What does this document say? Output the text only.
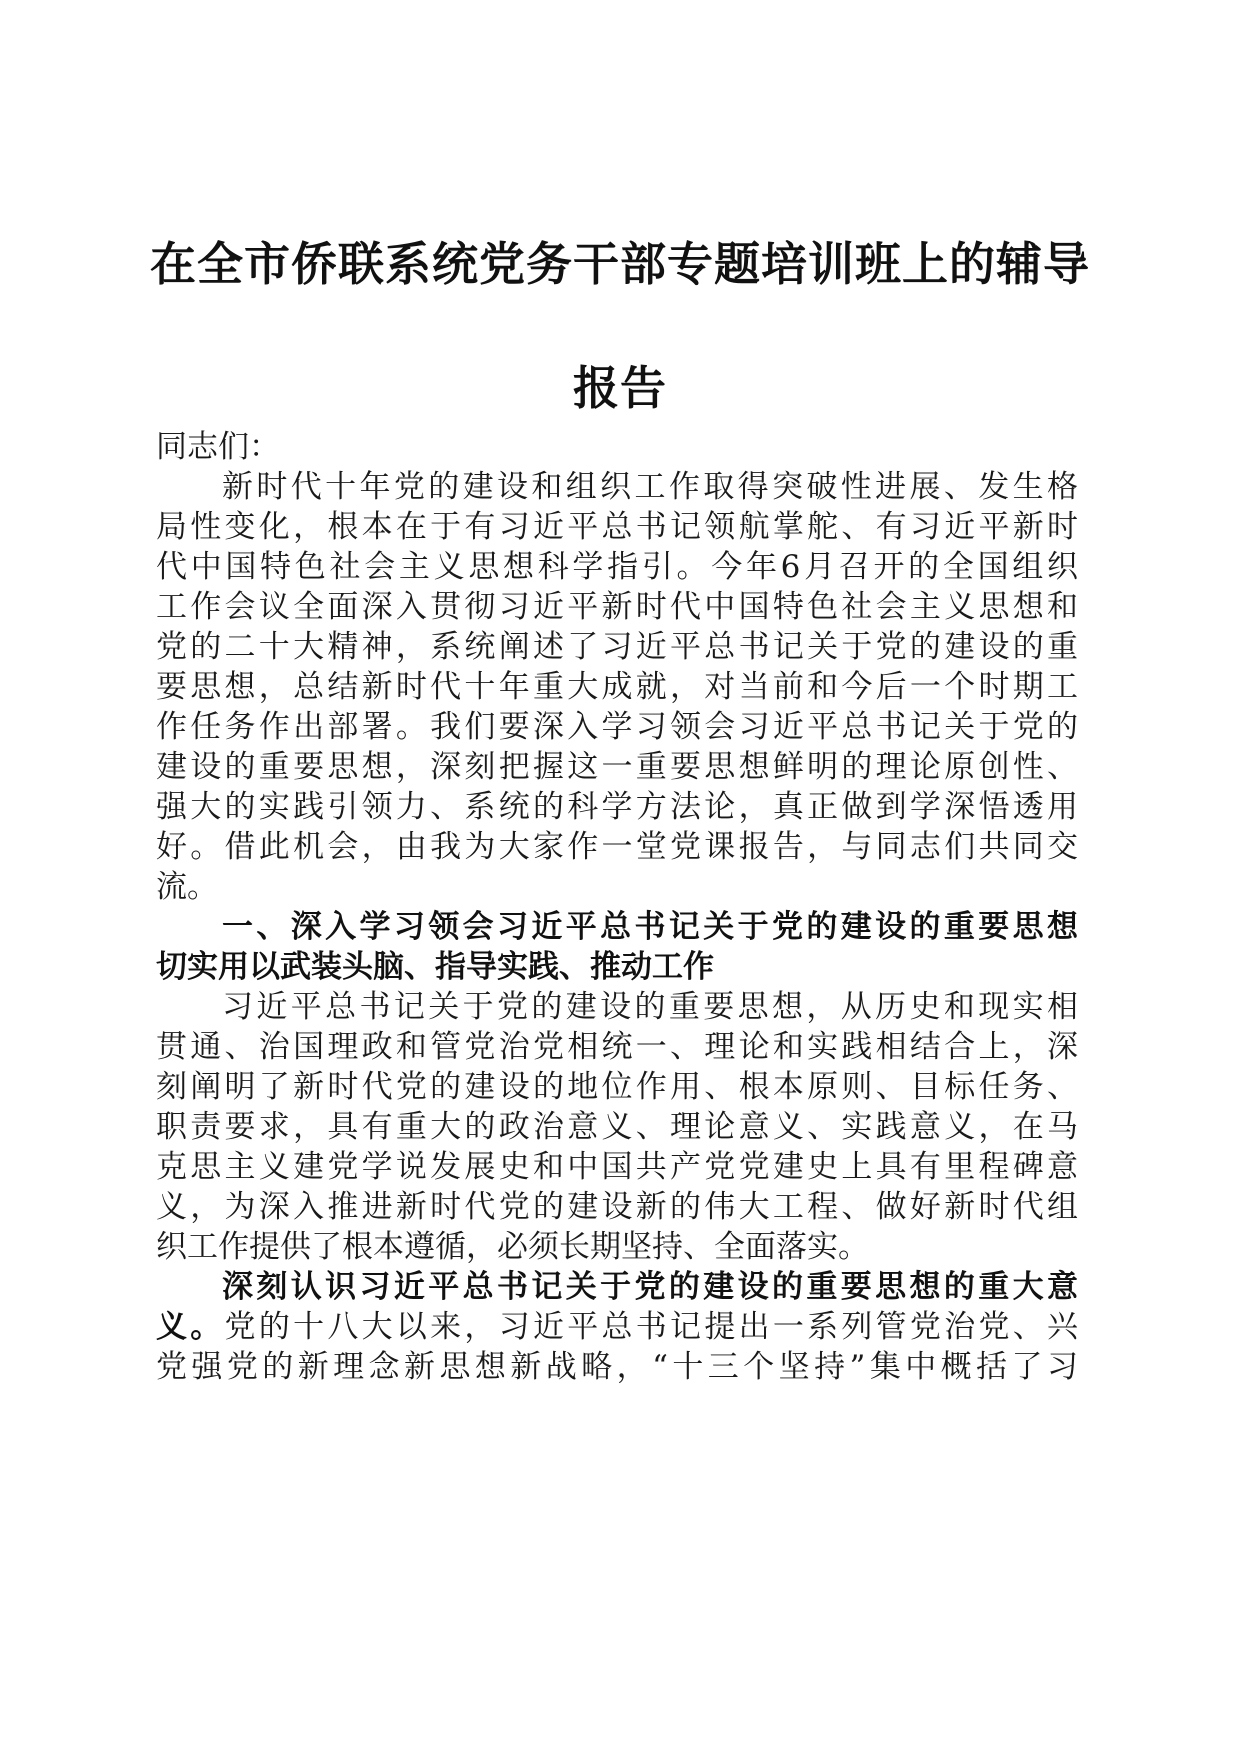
在全市侨联系统党务干部专题培训班上的辅导
报告
同志们：
新时代十年党的建设和组织工作取得突破性进展、发生格
局性变化，根本在于有习近平总书记领航掌舵、有习近平新时
代中国特色社会主义思想科学指引。今年6月召开的全国组织
工作会议全面深入贯彻习近平新时代中国特色社会主义思想和
党的二十大精神，系统阐述了习近平总书记关于党的建设的重
要思想，总结新时代十年重大成就，对当前和今后一个时期工
作任务作出部署。我们要深入学习领会习近平总书记关于党的
建设的重要思想，深刻把握这一重要思想鲜明的理论原创性、
强大的实践引领力、系统的科学方法论，真正做到学深悟透用
好。借此机会，由我为大家作一堂党课报告，与同志们共同交
流。
一、深入学习领会习近平总书记关于党的建设的重要思想
切实用以武装头脑、指导实践、推动工作
习近平总书记关于党的建设的重要思想，从历史和现实相
贯通、治国理政和管党治党相统一、理论和实践相结合上，深
刻阐明了新时代党的建设的地位作用、根本原则、目标任务、
职责要求，具有重大的政治意义、理论意义、实践意义，在马
克思主义建党学说发展史和中国共产党党建史上具有里程碑意
义，为深入推进新时代党的建设新的伟大工程、做好新时代组
织工作提供了根本遵循，必须长期坚持、全面落实。
深刻认识习近平总书记关于党的建设的重要思想的重大意
义。党的十八大以来，习近平总书记提出一系列管党治党、兴
党强党的新理念新思想新战略，“十三个坚持”集中概括了习
